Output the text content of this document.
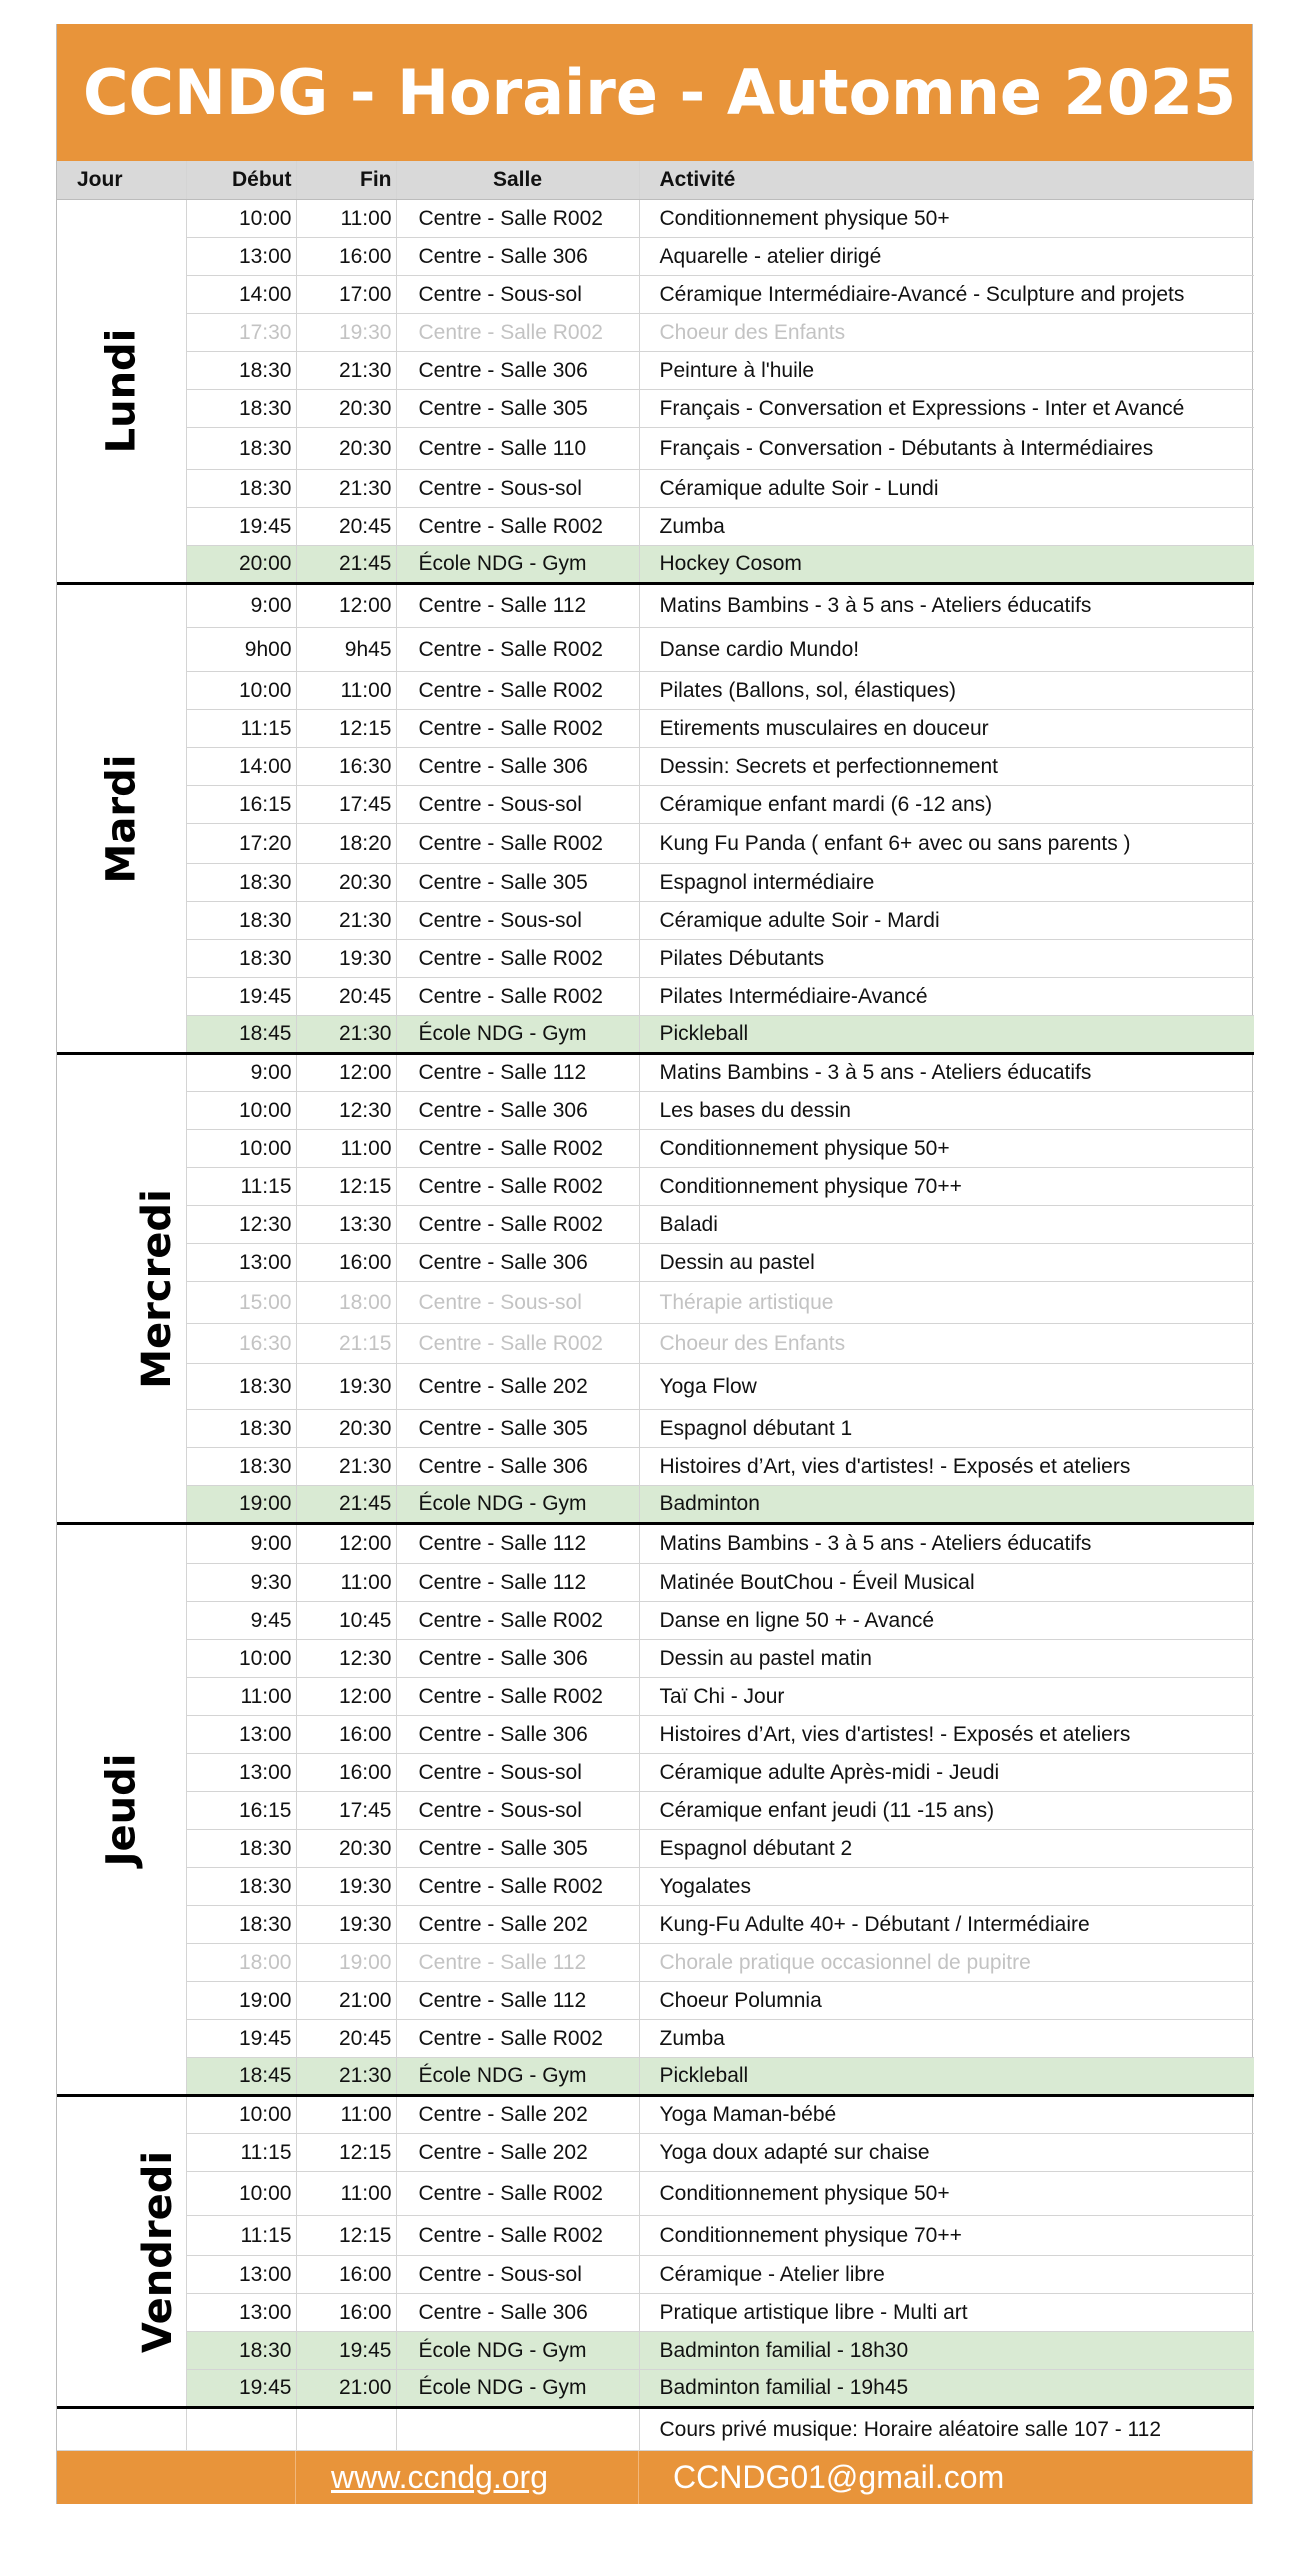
CCNDG - Horaire - Automne 2025
Jour	Début	Fin	Salle	Activité
Lundi	10:00	11:00	Centre - Salle R002	Conditionnement physique 50+
	13:00	16:00	Centre - Salle 306	Aquarelle - atelier dirigé
	14:00	17:00	Centre - Sous-sol	Céramique Intermédiaire-Avancé - Sculpture and projets
	17:30	19:30	Centre - Salle R002	Choeur des Enfants
	18:30	21:30	Centre - Salle 306	Peinture à l'huile
	18:30	20:30	Centre - Salle 305	Français - Conversation et Expressions - Inter et Avancé
	18:30	20:30	Centre - Salle 110	Français - Conversation - Débutants à Intermédiaires
	18:30	21:30	Centre - Sous-sol	Céramique adulte Soir - Lundi
	19:45	20:45	Centre - Salle R002	Zumba
	20:00	21:45	École NDG - Gym	Hockey Cosom
Mardi	9:00	12:00	Centre - Salle 112	Matins Bambins - 3 à 5 ans - Ateliers éducatifs
	9h00	9h45	Centre - Salle R002	Danse cardio Mundo!
	10:00	11:00	Centre - Salle R002	Pilates (Ballons, sol, élastiques)
	11:15	12:15	Centre - Salle R002	Etirements musculaires en douceur
	14:00	16:30	Centre - Salle 306	Dessin: Secrets et perfectionnement
	16:15	17:45	Centre - Sous-sol	Céramique enfant mardi (6 -12 ans)
	17:20	18:20	Centre - Salle R002	Kung Fu Panda ( enfant 6+ avec ou sans parents )
	18:30	20:30	Centre - Salle 305	Espagnol intermédiaire
	18:30	21:30	Centre - Sous-sol	Céramique adulte Soir - Mardi
	18:30	19:30	Centre - Salle R002	Pilates Débutants
	19:45	20:45	Centre - Salle R002	Pilates Intermédiaire-Avancé
	18:45	21:30	École NDG - Gym	Pickleball
Mercredi	9:00	12:00	Centre - Salle 112	Matins Bambins - 3 à 5 ans - Ateliers éducatifs
	10:00	12:30	Centre - Salle 306	Les bases du dessin
	10:00	11:00	Centre - Salle R002	Conditionnement physique 50+
	11:15	12:15	Centre - Salle R002	Conditionnement physique 70++
	12:30	13:30	Centre - Salle R002	Baladi
	13:00	16:00	Centre - Salle 306	Dessin au pastel
	15:00	18:00	Centre - Sous-sol	Thérapie artistique
	16:30	21:15	Centre - Salle R002	Choeur des Enfants
	18:30	19:30	Centre - Salle 202	Yoga Flow
	18:30	20:30	Centre - Salle 305	Espagnol débutant 1
	18:30	21:30	Centre - Salle 306	Histoires d’Art, vies d'artistes! - Exposés et ateliers
	19:00	21:45	École NDG - Gym	Badminton
Jeudi	9:00	12:00	Centre - Salle 112	Matins Bambins - 3 à 5 ans - Ateliers éducatifs
	9:30	11:00	Centre - Salle 112	Matinée BoutChou - Éveil Musical
	9:45	10:45	Centre - Salle R002	Danse en ligne 50 + - Avancé
	10:00	12:30	Centre - Salle 306	Dessin au pastel matin
	11:00	12:00	Centre - Salle R002	Taï Chi - Jour
	13:00	16:00	Centre - Salle 306	Histoires d’Art, vies d'artistes! - Exposés et ateliers
	13:00	16:00	Centre - Sous-sol	Céramique adulte Après-midi - Jeudi
	16:15	17:45	Centre - Sous-sol	Céramique enfant jeudi (11 -15 ans)
	18:30	20:30	Centre - Salle 305	Espagnol débutant 2
	18:30	19:30	Centre - Salle R002	Yogalates
	18:30	19:30	Centre - Salle 202	Kung-Fu Adulte 40+ - Débutant / Intermédiaire
	18:00	19:00	Centre - Salle 112	Chorale pratique occasionnel de pupitre
	19:00	21:00	Centre - Salle 112	Choeur Polumnia
	19:45	20:45	Centre - Salle R002	Zumba
	18:45	21:30	École NDG - Gym	Pickleball
Vendredi	10:00	11:00	Centre - Salle 202	Yoga Maman-bébé
	11:15	12:15	Centre - Salle 202	Yoga doux adapté sur chaise
	10:00	11:00	Centre - Salle R002	Conditionnement physique 50+
	11:15	12:15	Centre - Salle R002	Conditionnement physique 70++
	13:00	16:00	Centre - Sous-sol	Céramique - Atelier libre
	13:00	16:00	Centre - Salle 306	Pratique artistique libre - Multi art
	18:30	19:45	École NDG - Gym	Badminton familial - 18h30
	19:45	21:00	École NDG - Gym	Badminton familial - 19h45
				Cours privé musique: Horaire aléatoire salle 107 - 112
www.ccndg.org	CCNDG01@gmail.com
